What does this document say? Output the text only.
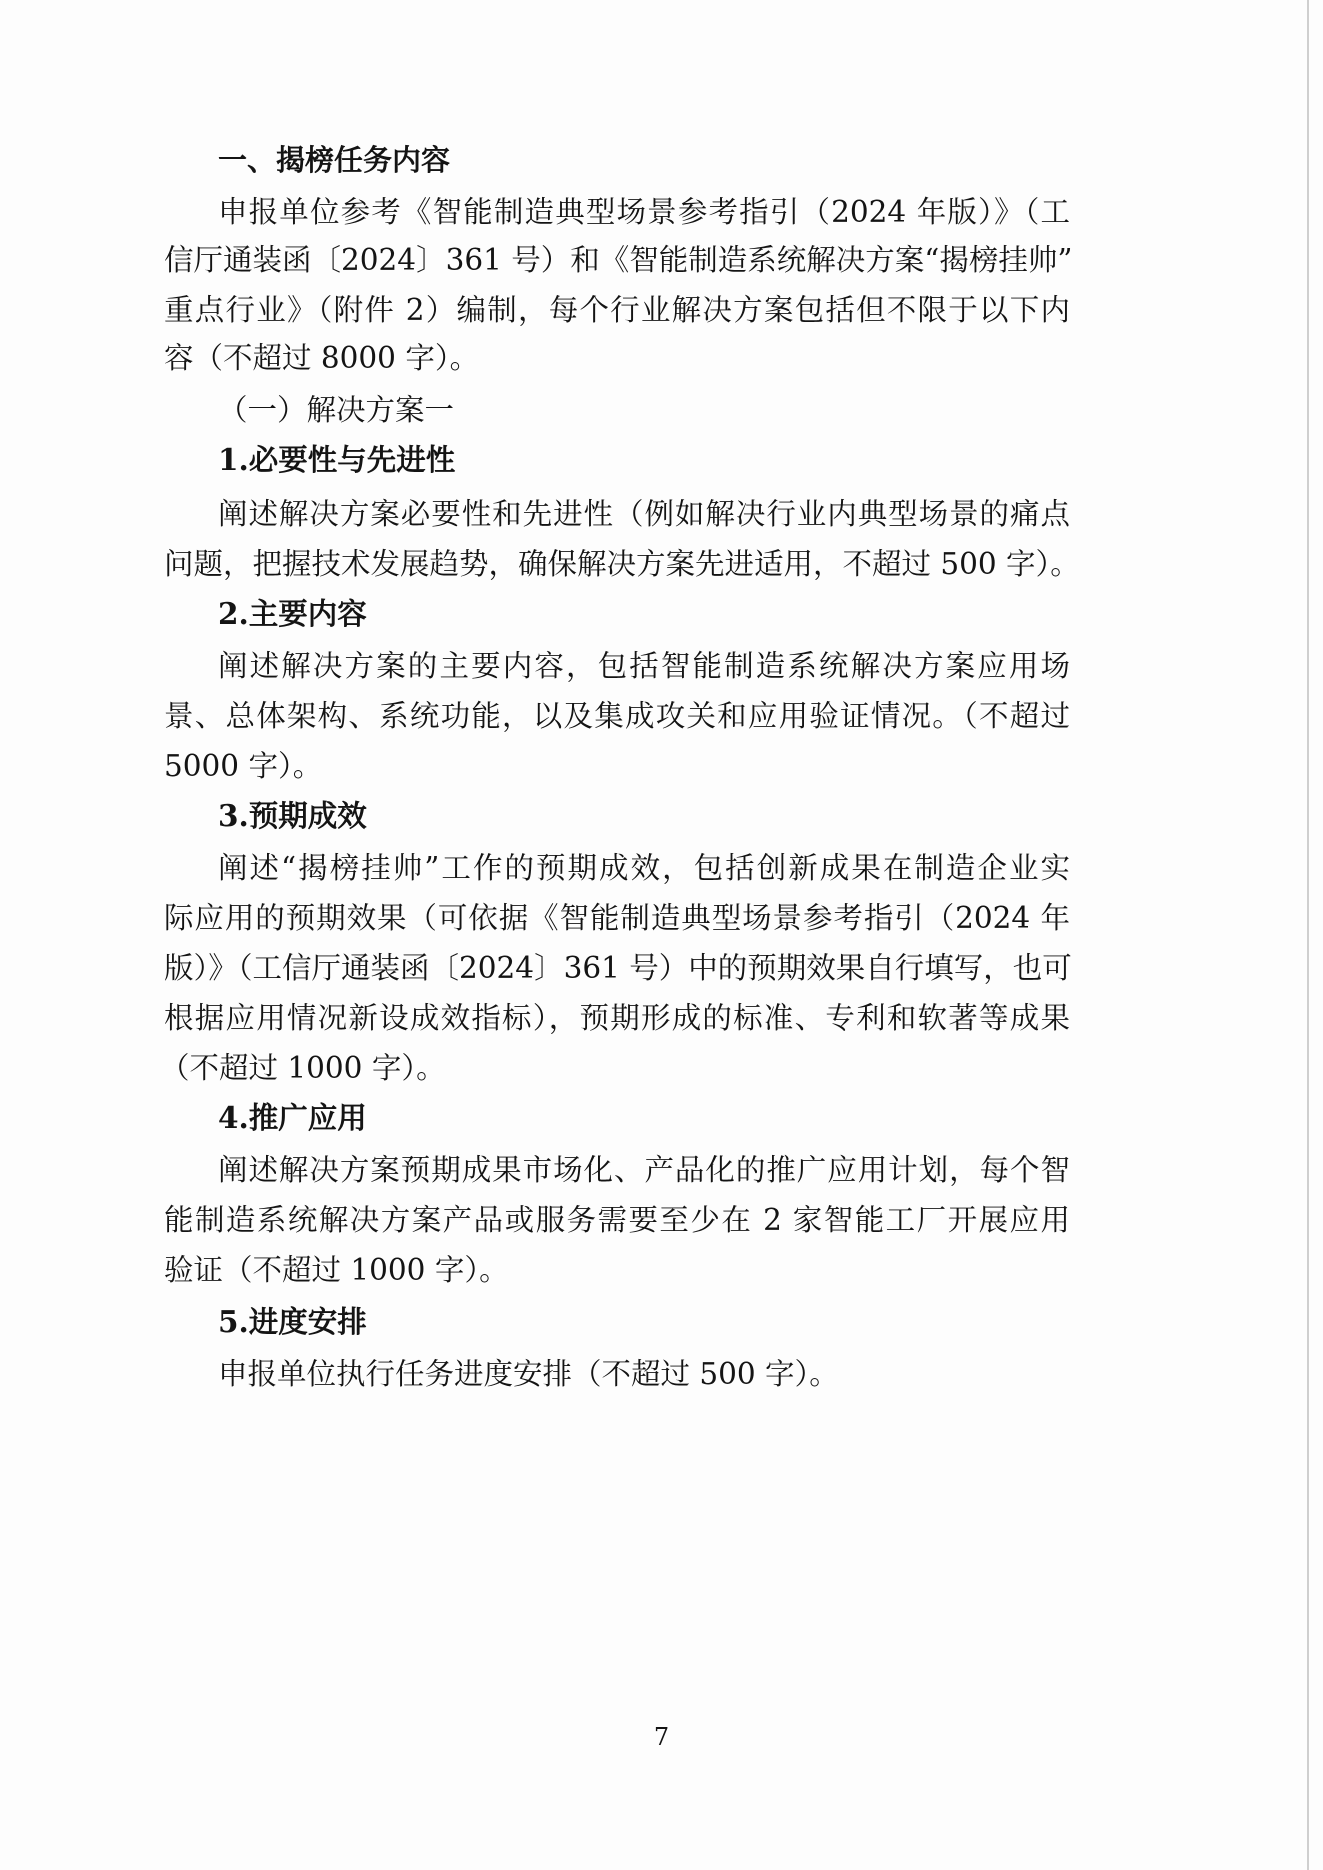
一、揭榜任务内容
申报单位参考《智能制造典型场景参考指引（2024 年版）》（工
信厅通装函〔2024〕361 号）和《智能制造系统解决方案“揭榜挂帅”
重点行业》（附件 2）编制，每个行业解决方案包括但不限于以下内
容（不超过 8000 字）。
（一）解决方案一
1.必要性与先进性
阐述解决方案必要性和先进性（例如解决行业内典型场景的痛点
问题，把握技术发展趋势，确保解决方案先进适用，不超过 500 字）。
2.主要内容
阐述解决方案的主要内容，包括智能制造系统解决方案应用场
景、总体架构、系统功能，以及集成攻关和应用验证情况。（不超过
5000 字）。
3.预期成效
阐述“揭榜挂帅”工作的预期成效，包括创新成果在制造企业实
际应用的预期效果（可依据《智能制造典型场景参考指引（2024 年
版）》（工信厅通装函〔2024〕361 号）中的预期效果自行填写，也可
根据应用情况新设成效指标），预期形成的标准、专利和软著等成果
（不超过 1000 字）。
4.推广应用
阐述解决方案预期成果市场化、产品化的推广应用计划，每个智
能制造系统解决方案产品或服务需要至少在 2 家智能工厂开展应用
验证（不超过 1000 字）。
5.进度安排
申报单位执行任务进度安排（不超过 500 字）。
7
